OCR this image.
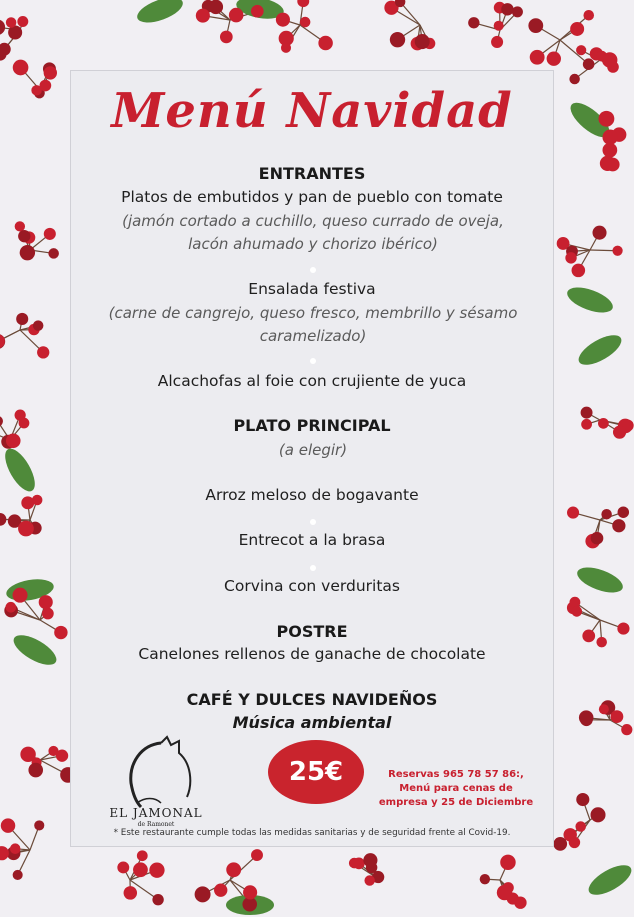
Menú Navidad
ENTRANTES
Platos de embutidos y pan de pueblo con tomate
(jamón cortado a cuchillo, queso currado de oveja,
lacón ahumado y chorizo ibérico)
Ensalada festiva
(carne de cangrejo, queso fresco, membrillo y sésamo
caramelizado)
Alcachofas al foie con crujiente de yuca
PLATO PRINCIPAL
(a elegir)
Arroz meloso de bogavante
Entrecot a la brasa
Corvina con verduritas
POSTRE
Canelones rellenos de ganache de chocolate
CAFÉ Y DULCES NAVIDEÑOS
Música ambiental
EL JAMONAL
de Ramonet
25€	Reservas 965 78 57 86:,
Menú para cenas de
empresa y 25 de Diciembre
* Este restaurante cumple todas las medidas sanitarias y de seguridad frente al Covid-19.
